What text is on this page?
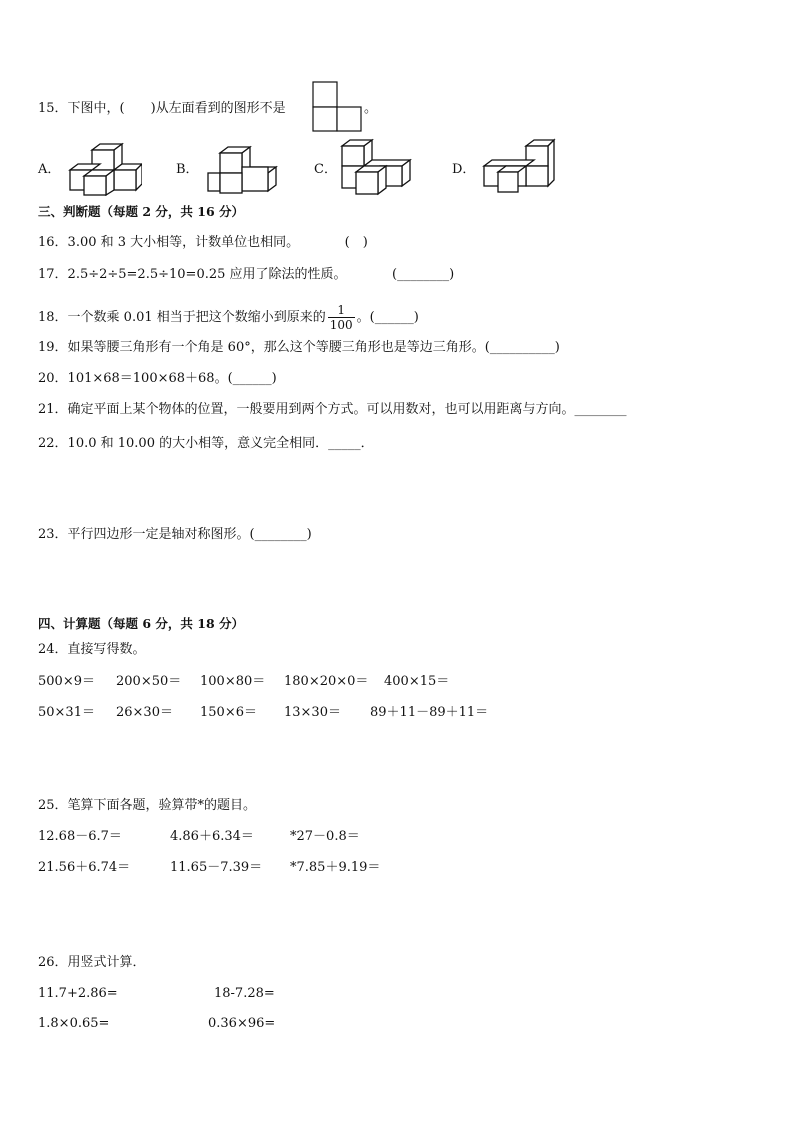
15．下图中，(　　)从左面看到的图形不是	。
A．	B．	C．	D．
三、判断题（每题 2 分，共 16 分）
16．3.00 和 3 大小相等，计数单位也相同。　　　　(　)
17．2.5÷2÷5=2.5÷10=0.25 应用了除法的性质。　　　　(________)
18．一个数乘 0.01 相当于把这个数缩小到原来的 $\frac{1}{100}$ 。(______)
19．如果等腰三角形有一个角是 60°，那么这个等腰三角形也是等边三角形。(__________)
20．101×68＝100×68＋68。(______)
21．确定平面上某个物体的位置，一般要用到两个方式。可以用数对，也可以用距离与方向。________
22．10.0 和 10.00 的大小相等，意义完全相同．_____．
23．平行四边形一定是轴对称图形。(________)
四、计算题（每题 6 分，共 18 分）
24．直接写得数。
500×9＝ 200×50＝ 100×80＝ 180×20×0＝ 400×15＝
50×31＝ 26×30＝ 150×6＝ 13×30＝ 89＋11－89＋11＝
25．笔算下面各题，验算带*的题目。
12.68－6.7＝	4.86＋6.34＝	*27－0.8＝
21.56＋6.74＝	11.65－7.39＝ *7.85＋9.19＝
26．用竖式计算．
11.7+2.86=	18-7.28=
1.8×0.65=	0.36×96=
